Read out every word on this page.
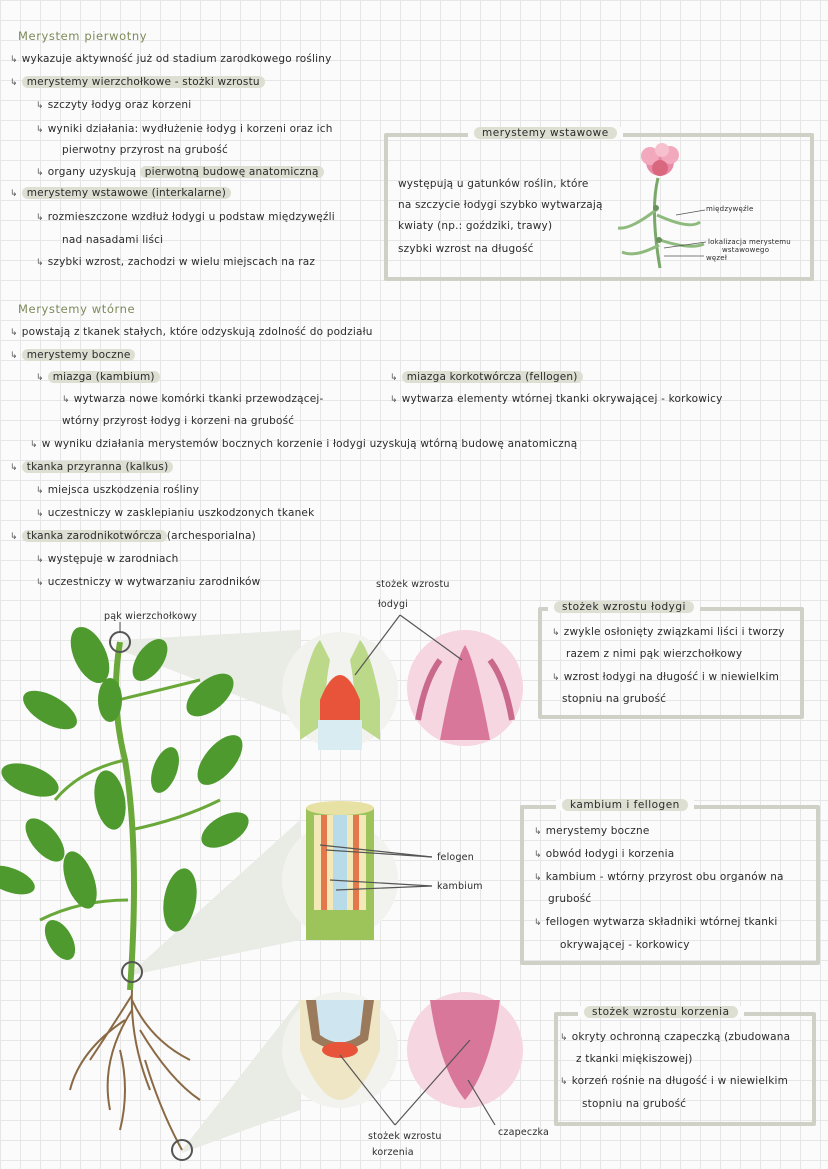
Merystem pierwotny
↳ wykazuje aktywność już od stadium zarodkowego rośliny
↳ merystemy wierzchołkowe - stożki wzrostu
↳ szczyty łodyg oraz korzeni
↳ wyniki działania: wydłużenie łodyg i korzeni oraz ich
pierwotny przyrost na grubość
↳ organy uzyskują pierwotną budowę anatomiczną
↳ merystemy wstawowe (interkalarne)
↳ rozmieszczone wzdłuż łodygi u podstaw międzywęźli
nad nasadami liści
↳ szybki wzrost, zachodzi w wielu miejscach na raz
merystemy wstawowe
występują u gatunków roślin, które
na szczycie łodygi szybko wytwarzają
kwiaty (np.: goździki, trawy)
szybki wzrost na długość
międzywęźle
lokalizacja merystemu
wstawowego
węzeł
Merystemy wtórne
↳ powstają z tkanek stałych, które odzyskują zdolność do podziału
↳ merystemy boczne
↳ miazga (kambium)
↳ wytwarza nowe komórki tkanki przewodzącej-
wtórny przyrost łodyg i korzeni na grubość
↳ miazga korkotwórcza (fellogen)
↳ wytwarza elementy wtórnej tkanki okrywającej - korkowicy
↳ w wyniku działania merystemów bocznych korzenie i łodygi uzyskują wtórną budowę anatomiczną
↳ tkanka przyranna (kalkus)
↳ miejsca uszkodzenia rośliny
↳ uczestniczy w zasklepianiu uszkodzonych tkanek
↳ tkanka zarodnikotwórcza (archesporialna)
↳ występuje w zarodniach
↳ uczestniczy w wytwarzaniu zarodników
pąk wierzchołkowy
stożek wzrostu
łodygi
felogen
kambium
stożek wzrostu
korzenia
czapeczka
stożek wzrostu łodygi
↳ zwykle osłonięty związkami liści i tworzy
razem z nimi pąk wierzchołkowy
↳ wzrost łodygi na długość i w niewielkim
stopniu na grubość
kambium i fellogen
↳ merystemy boczne
↳ obwód łodygi i korzenia
↳ kambium - wtórny przyrost obu organów na
grubość
↳ fellogen wytwarza składniki wtórnej tkanki
okrywającej - korkowicy
stożek wzrostu korzenia
↳ okryty ochronną czapeczką (zbudowana
z tkanki miękiszowej)
↳ korzeń rośnie na długość i w niewielkim
stopniu na grubość
